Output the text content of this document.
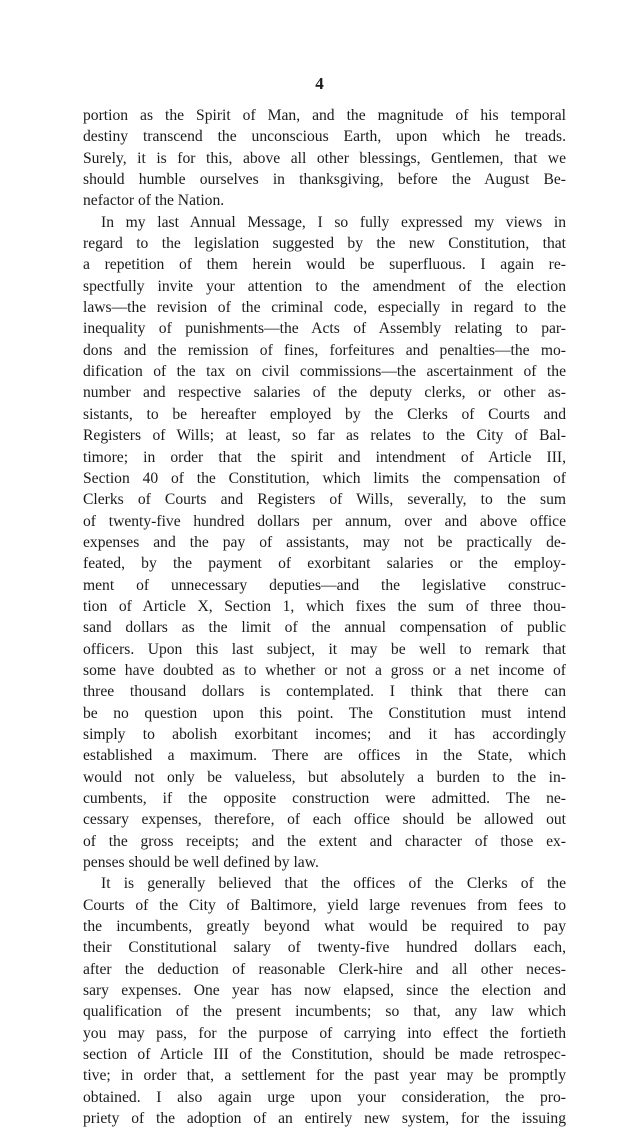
4
portion as the Spirit of Man, and the magnitude of his temporal
destiny transcend the unconscious Earth, upon which he treads.
Surely, it is for this, above all other blessings, Gentlemen, that we
should humble ourselves in thanksgiving, before the August Be-
nefactor of the Nation.
In my last Annual Message, I so fully expressed my views in
regard to the legislation suggested by the new Constitution, that
a repetition of them herein would be superfluous. I again re-
spectfully invite your attention to the amendment of the election
laws—the revision of the criminal code, especially in regard to the
inequality of punishments—the Acts of Assembly relating to par-
dons and the remission of fines, forfeitures and penalties—the mo-
dification of the tax on civil commissions—the ascertainment of the
number and respective salaries of the deputy clerks, or other as-
sistants, to be hereafter employed by the Clerks of Courts and
Registers of Wills; at least, so far as relates to the City of Bal-
timore; in order that the spirit and intendment of Article III,
Section 40 of the Constitution, which limits the compensation of
Clerks of Courts and Registers of Wills, severally, to the sum
of twenty-five hundred dollars per annum, over and above office
expenses and the pay of assistants, may not be practically de-
feated, by the payment of exorbitant salaries or the employ-
ment of unnecessary deputies—and the legislative construc-
tion of Article X, Section 1, which fixes the sum of three thou-
sand dollars as the limit of the annual compensation of public
officers. Upon this last subject, it may be well to remark that
some have doubted as to whether or not a gross or a net income of
three thousand dollars is contemplated. I think that there can
be no question upon this point. The Constitution must intend
simply to abolish exorbitant incomes; and it has accordingly
established a maximum. There are offices in the State, which
would not only be valueless, but absolutely a burden to the in-
cumbents, if the opposite construction were admitted. The ne-
cessary expenses, therefore, of each office should be allowed out
of the gross receipts; and the extent and character of those ex-
penses should be well defined by law.
It is generally believed that the offices of the Clerks of the
Courts of the City of Baltimore, yield large revenues from fees to
the incumbents, greatly beyond what would be required to pay
their Constitutional salary of twenty-five hundred dollars each,
after the deduction of reasonable Clerk-hire and all other neces-
sary expenses. One year has now elapsed, since the election and
qualification of the present incumbents; so that, any law which
you may pass, for the purpose of carrying into effect the fortieth
section of Article III of the Constitution, should be made retrospec-
tive; in order that, a settlement for the past year may be promptly
obtained. I also again urge upon your consideration, the pro-
priety of the adoption of an entirely new system, for the issuing
